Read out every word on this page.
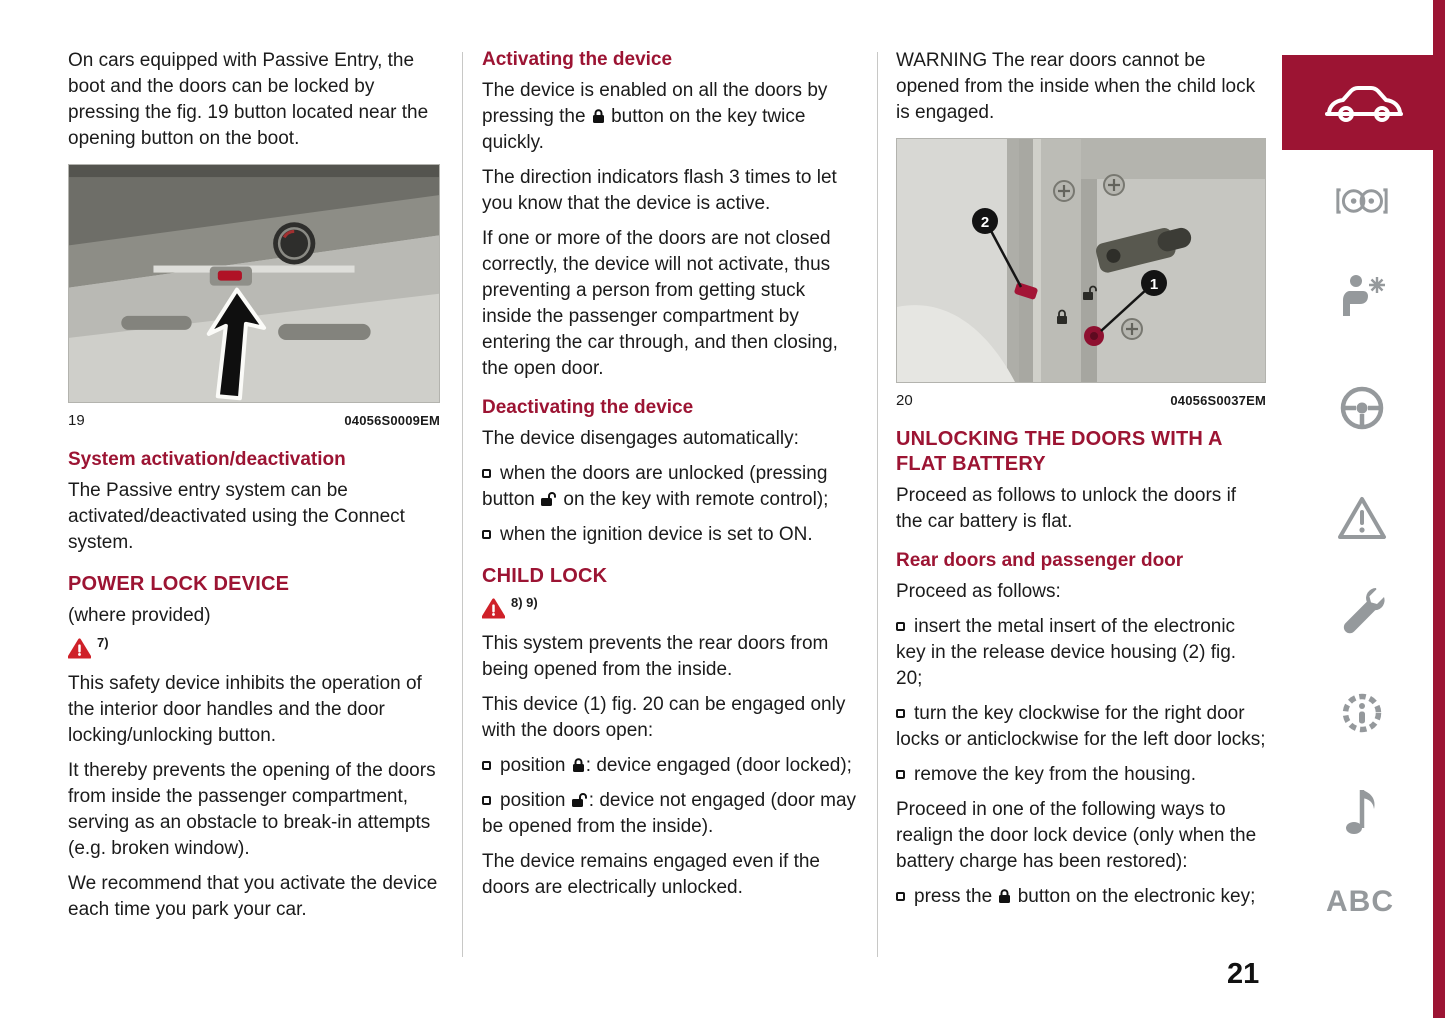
On cars equipped with Passive Entry, the boot and the doors can be locked by pressing the fig. 19 button located near the opening button on the boot.

19	04056S0009EM
System activation/deactivation

The Passive entry system can be activated/deactivated using the Connect system.

POWER LOCK DEVICE

(where provided)

7)

This safety device inhibits the operation of the interior door handles and the door locking/unlocking button.

It thereby prevents the opening of the doors from inside the passenger compartment, serving as an obstacle to break-in attempts (e.g. broken window).

We recommend that you activate the device each time you park your car.

Activating the device

The device is enabled on all the doors by pressing the  button on the key twice quickly.

The direction indicators flash 3 times to let you know that the device is active.

If one or more of the doors are not closed correctly, the device will not activate, thus preventing a person from getting stuck inside the passenger compartment by entering the car through, and then closing, the open door.

Deactivating the device

The device disengages automatically:

when the doors are unlocked (pressing button  on the key with remote control);

when the ignition device is set to ON.

CHILD LOCK
8) 9)

This system prevents the rear doors from being opened from the inside.

This device (1) fig. 20 can be engaged only with the doors open:

position : device engaged (door locked);

position : device not engaged (door may be opened from the inside).

The device remains engaged even if the doors are electrically unlocked.

WARNING The rear doors cannot be opened from the inside when the child lock is engaged.

2
1
20	04056S0037EM
UNLOCKING THE DOORS WITH A FLAT BATTERY

Proceed as follows to unlock the doors if the car battery is flat.

Rear doors and passenger door

Proceed as follows:

insert the metal insert of the electronic key in the release device housing (2) fig. 20;

turn the key clockwise for the right door locks or anticlockwise for the left door locks;

remove the key from the housing.

Proceed in one of the following ways to realign the door lock device (only when the battery charge has been restored):

press the  button on the electronic key;	ABC
21
